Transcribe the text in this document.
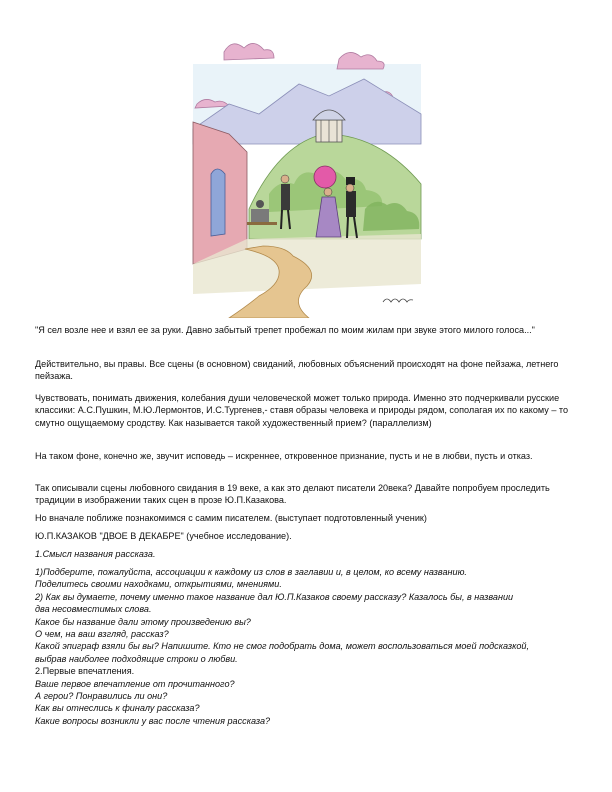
"Я сел возле нее и взял ее за руки. Давно забытый трепет пробежал по моим жилам при звуке этого милого голоса..."

Действительно, вы правы. Все сцены (в основном) свиданий, любовных объяснений происходят на фоне пейзажа, летнего пейзажа.

Чувствовать, понимать движения, колебания души человеческой может только природа. Именно это подчеркивали русские классики: А.С.Пушкин, М.Ю.Лермонтов, И.С.Тургенев,- ставя образы человека и природы рядом, сополагая их по какому – то смутно ощущаемому сродству. Как называется такой художественный прием? (параллелизм)

На таком фоне, конечно же, звучит исповедь – искреннее, откровенное признание, пусть и не в любви, пусть и отказ.

Так описывали сцены любовного свидания в 19 веке, а как это делают писатели 20века? Давайте попробуем проследить традиции в изображении таких сцен в прозе Ю.П.Казакова.

Но вначале поближе познакомимся с самим писателем. (выступает подготовленный ученик)

Ю.П.КАЗАКОВ "ДВОЕ В ДЕКАБРЕ" (учебное исследование).

1.Смысл названия рассказа.

1)Подберите, пожалуйста, ассоциации к каждому из слов в заглавии и, в целом, ко всему названию.
Поделитесь своими находками, открытиями, мнениями.
2) Как вы думаете, почему именно такое название дал Ю.П.Казаков своему рассказу? Казалось бы, в названии
два несовместимых слова.
Какое бы название дали этому произведению вы?
О чем, на ваш взгляд, рассказ?
Какой эпиграф взяли бы вы? Напишите. Кто не смог подобрать дома, может воспользоваться моей подсказкой,
выбрав наиболее подходящие строки о любви.
2.Первые впечатления.
Ваше первое впечатление от прочитанного?
А герои? Понравились ли они?
Как вы отнеслись к финалу рассказа?
Какие вопросы возникли у вас после чтения рассказа?
